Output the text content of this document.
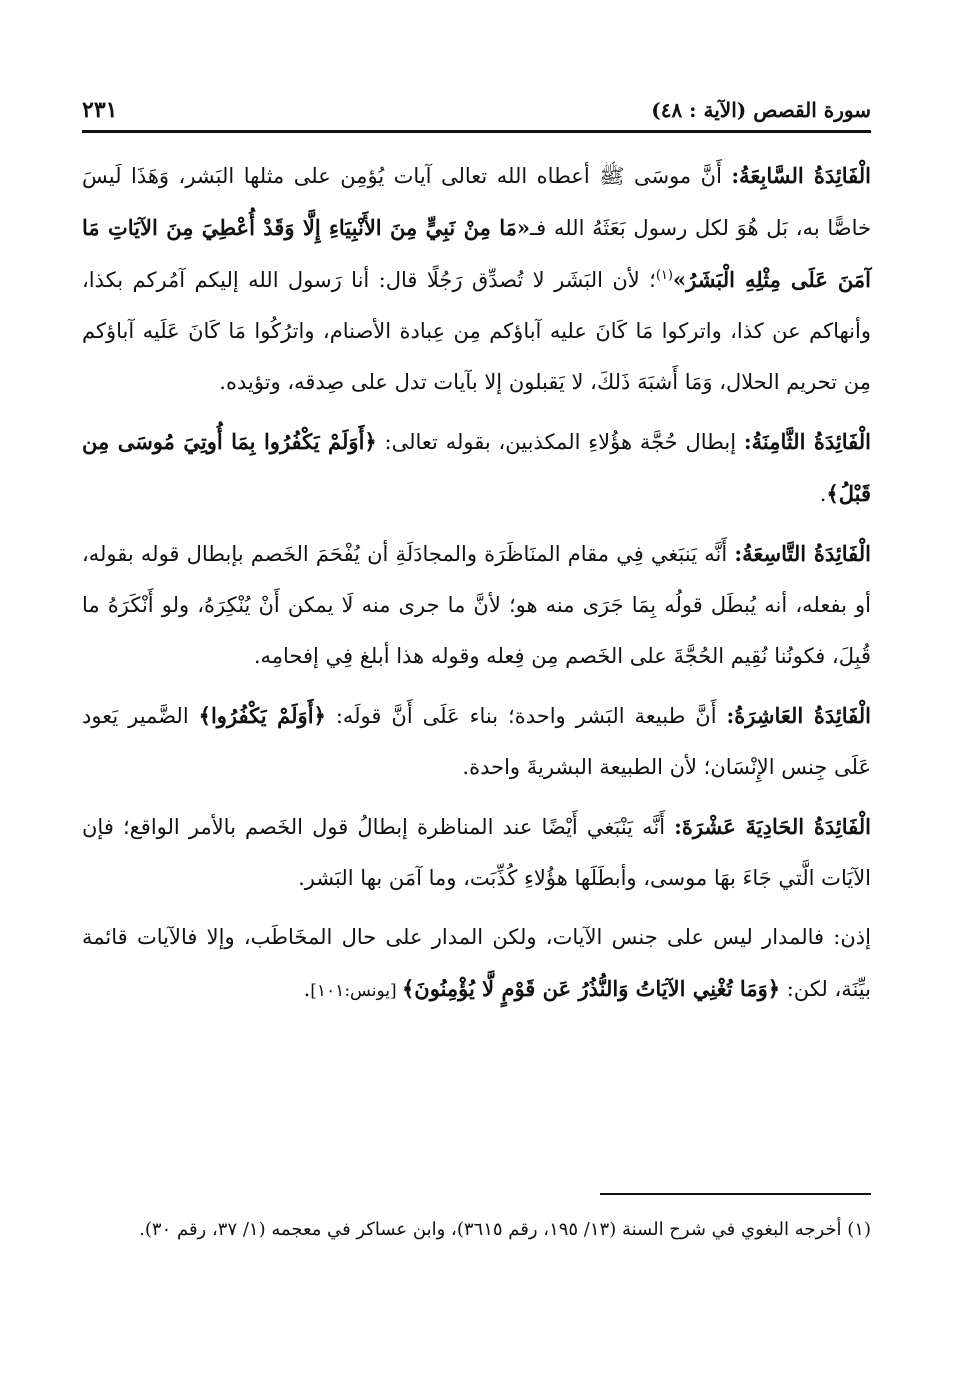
سورة القصص (الآية : ٤٨)
٢٣١

الْفَائِدَةُ السَّابِعَةُ: أَنَّ موسَى ﷺ أعطاه الله تعالى آيات يُؤمِن على مثلها البَشر، وَهَذَا لَيسَ خاصًّا به، بَل هُوَ لكل رسول بَعَثَهُ الله فـ«مَا مِنْ نَبِيٍّ مِنَ الأَنْبِيَاءِ إِلَّا وَقَدْ أُعْطِيَ مِنَ الآيَاتِ مَا آمَنَ عَلَى مِثْلِهِ الْبَشَرُ»$^{(١)}$؛ لأن البَشَر لا تُصدِّق رَجُلًا قال: أنا رَسول الله إليكم آمُركم بكذا، وأنهاكم عن كذا، واتركوا مَا كَانَ عليه آباؤكم مِن عِبادة الأصنام، واترُكُوا مَا كَانَ عَلَيه آباؤكم مِن تحريم الحلال، وَمَا أَشبَهَ ذَلكَ، لا يَقبلون إلا بآيات تدل على صِدقه، وتؤيده.

الْفَائِدَةُ الثَّامِنَةُ: إبطال حُجَّة هؤُلاءِ المكذبين، بقوله تعالى: ﴿أَوَلَمْ يَكْفُرُوا بِمَا أُوتِيَ مُوسَى مِن قَبْلُ﴾.

الْفَائِدَةُ التَّاسِعَةُ: أَنَّه يَنبَغي فِي مقام المنَاظَرَة والمجادَلَةِ أن يُفْحَمَ الخَصم بإبطال قوله بقوله، أو بفعله، أنه يُبطَل قولُه بِمَا جَرَى منه هو؛ لأنَّ ما جرى منه لَا يمكن أَنْ يُنْكِرَهُ، ولو أَنْكَرَهُ ما قُبِلَ، فكونُنا نُقِيم الحُجَّةَ على الخَصم مِن فِعله وقوله هذا أبلغ فِي إفحامِه.

الْفَائِدَةُ العَاشِرَةُ: أَنَّ طبيعة البَشر واحدة؛ بناء عَلَى أَنَّ قولَه: ﴿أَوَلَمْ يَكْفُرُوا﴾ الضَّمير يَعود عَلَى جِنس الإِنْسَان؛ لأن الطبيعة البشريةَ واحدة.

الْفَائِدَةُ الحَادِيَةَ عَشْرَةَ: أَنَّه يَنْبَغي أَيْضًا عند المناظرة إبطالُ قول الخَصم بالأمر الواقع؛ فإن الآيَات الَّتي جَاءَ بهَا موسى، وأبطَلَها هؤُلاءِ كُذِّبَت، وما آمَن بها البَشر.

إذن: فالمدار ليس على جنس الآيات، ولكن المدار على حال المخَاطَب، وإلا فالآيات قائمة بيِّنَة، لكن: ﴿وَمَا تُغْنِي الآيَاتُ وَالنُّذُرُ عَن قَوْمٍ لَّا يُؤْمِنُونَ﴾ [يونس:١٠١].

(١) أخرجه البغوي في شرح السنة (١٣/ ١٩٥، رقم ٣٦١٥)، وابن عساكر في معجمه (١/ ٣٧، رقم ٣٠).
